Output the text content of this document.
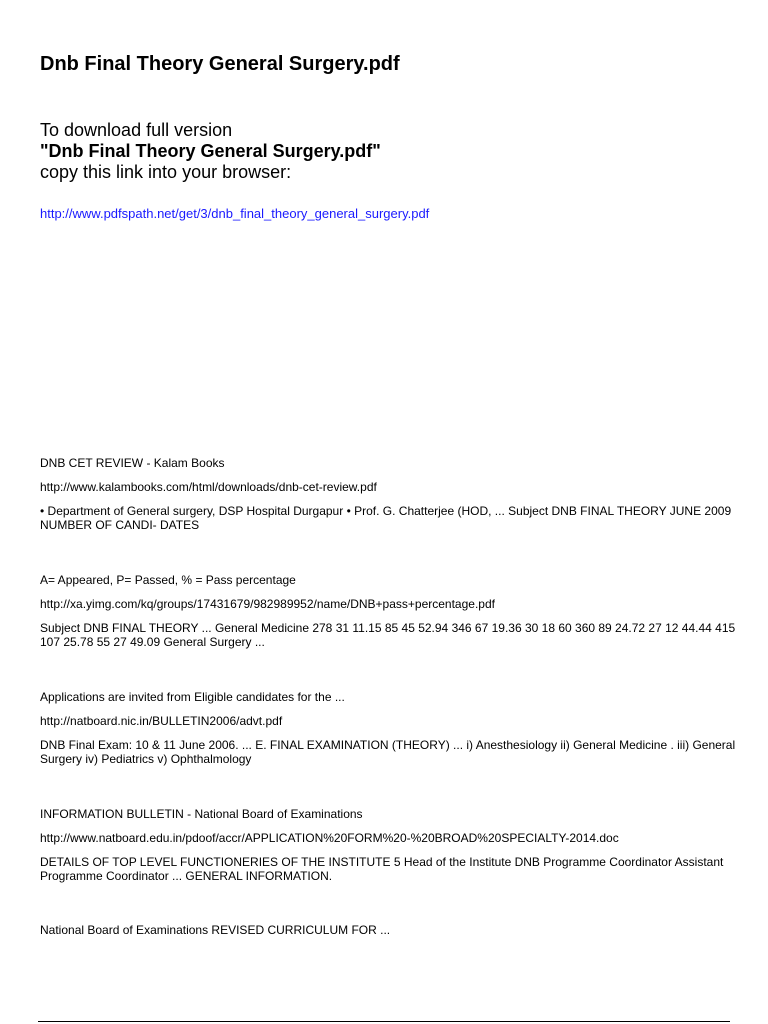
Dnb Final Theory General Surgery.pdf
To download full version
"Dnb Final Theory General Surgery.pdf"
copy this link into your browser:
http://www.pdfspath.net/get/3/dnb_final_theory_general_surgery.pdf
DNB CET REVIEW - Kalam Books
http://www.kalambooks.com/html/downloads/dnb-cet-review.pdf
• Department of General surgery, DSP Hospital Durgapur • Prof. G. Chatterjee (HOD, ... Subject DNB FINAL THEORY JUNE 2009 NUMBER OF CANDI- DATES
A= Appeared, P= Passed, % = Pass percentage
http://xa.yimg.com/kq/groups/17431679/982989952/name/DNB+pass+percentage.pdf
Subject DNB FINAL THEORY ... General Medicine 278 31 11.15 85 45 52.94 346 67 19.36 30 18 60 360 89 24.72 27 12 44.44 415 107 25.78 55 27 49.09 General Surgery ...
Applications are invited from Eligible candidates for the ...
http://natboard.nic.in/BULLETIN2006/advt.pdf
DNB Final Exam: 10 & 11 June 2006. ... E. FINAL EXAMINATION (THEORY) ... i) Anesthesiology ii) General Medicine . iii) General Surgery iv) Pediatrics v) Ophthalmology
INFORMATION BULLETIN - National Board of Examinations
http://www.natboard.edu.in/pdoof/accr/APPLICATION%20FORM%20-%20BROAD%20SPECIALTY-2014.doc
DETAILS OF TOP LEVEL FUNCTIONERIES OF THE INSTITUTE 5 Head of the Institute DNB Programme Coordinator Assistant Programme Coordinator ... GENERAL INFORMATION.
National Board of Examinations REVISED CURRICULUM FOR ...
